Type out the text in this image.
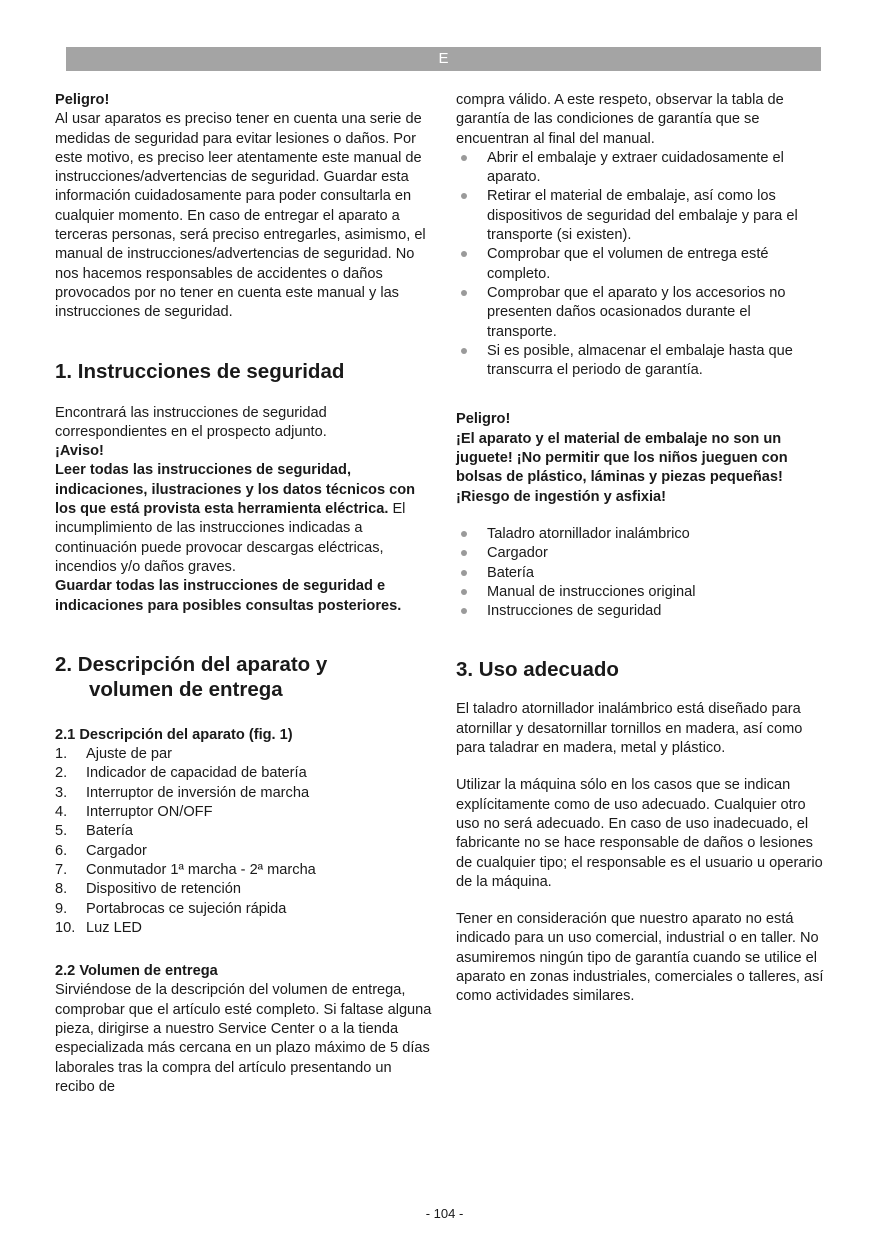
E

Peligro!

Al usar aparatos es preciso tener en cuenta una serie de medidas de seguridad para evitar lesiones o daños. Por este motivo, es preciso leer atentamente este manual de instrucciones/advertencias de seguridad. Guardar esta información cuidadosamente para poder consultarla en cualquier momento. En caso de entregar el aparato a terceras personas, será preciso entregarles, asimismo, el manual de instrucciones/advertencias de seguridad. No nos hacemos responsables de accidentes o daños provocados por no tener en cuenta este manual y las instrucciones de seguridad.

1. Instrucciones de seguridad

Encontrará las instrucciones de seguridad correspondientes en el prospecto adjunto.

¡Aviso!

Leer todas las instrucciones de seguridad, indicaciones, ilustraciones y los datos técnicos con los que está provista esta herramienta eléctrica. El incumplimiento de las instrucciones indicadas a continuación puede provocar descargas eléctricas, incendios y/o daños graves.

Guardar todas las instrucciones de seguridad e indicaciones para posibles consultas posteriores.

2. Descripción del aparato y
volumen de entrega
2.1 Descripción del aparato (fig. 1)
1. Ajuste de par
2. Indicador de capacidad de batería
3. Interruptor de inversión de marcha
4. Interruptor ON/OFF
5. Batería
6. Cargador
7. Conmutador 1ª marcha - 2ª marcha
8. Dispositivo de retención
9. Portabrocas ce sujeción rápida
10. Luz LED
2.2 Volumen de entrega

Sirviéndose de la descripción del volumen de entrega, comprobar que el artículo esté completo. Si faltase alguna pieza, dirigirse a nuestro Service Center o a la tienda especializada más cercana en un plazo máximo de 5 días laborales tras la compra del artículo presentando un recibo de

compra válido. A este respeto, observar la tabla de garantía de las condiciones de garantía que se encuentran al final del manual.

Abrir el embalaje y extraer cuidadosamente el aparato.
Retirar el material de embalaje, así como los dispositivos de seguridad del embalaje y para el transporte (si existen).
Comprobar que el volumen de entrega esté completo.
Comprobar que el aparato y los accesorios no presenten daños ocasionados durante el transporte.
Si es posible, almacenar el embalaje hasta que transcurra el periodo de garantía.

Peligro!

¡El aparato y el material de embalaje no son un juguete! ¡No permitir que los niños jueguen con bolsas de plástico, láminas y piezas pequeñas! ¡Riesgo de ingestión y asfixia!

Taladro atornillador inalámbrico
Cargador
Batería
Manual de instrucciones original
Instrucciones de seguridad
3. Uso adecuado

El taladro atornillador inalámbrico está diseñado para atornillar y desatornillar tornillos en madera, así como para taladrar en madera, metal y plástico.

Utilizar la máquina sólo en los casos que se indican explícitamente como de uso adecuado. Cualquier otro uso no será adecuado. En caso de uso inadecuado, el fabricante no se hace responsable de daños o lesiones de cualquier tipo; el responsable es el usuario u operario de la máquina.

Tener en consideración que nuestro aparato no está indicado para un uso comercial, industrial o en taller. No asumiremos ningún tipo de garantía cuando se utilice el aparato en zonas industriales, comerciales o talleres, así como actividades similares.

- 104 -
